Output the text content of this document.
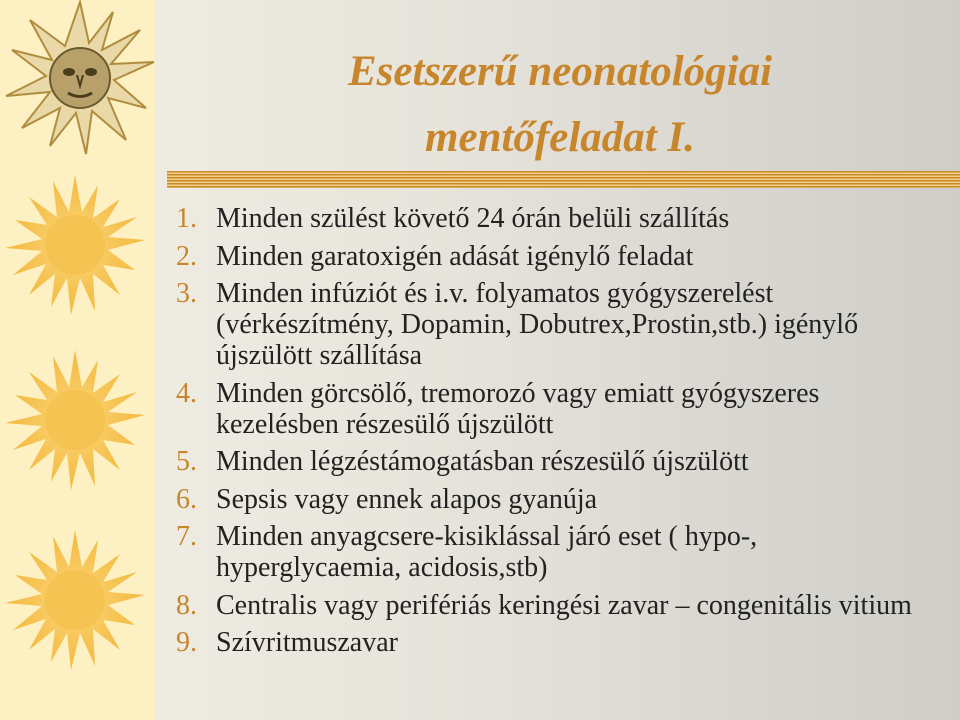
Esetszerű neonatológiai
mentőfeladat I.
1. Minden szülést követő 24 órán belüli szállítás
2. Minden garatoxigén adását igénylő feladat
3. Minden infúziót és i.v. folyamatos gyógyszerelést (vérkészítmény, Dopamin, Dobutrex,Prostin,stb.) igénylő újszülött szállítása
4. Minden görcsölő, tremorozó vagy emiatt gyógyszeres kezelésben részesülő újszülött
5. Minden légzéstámogatásban részesülő újszülött
6. Sepsis vagy ennek alapos gyanúja
7. Minden anyagcsere-kisiklással járó eset ( hypo-, hyperglycaemia, acidosis,stb)
8. Centralis vagy perifériás keringési zavar – congenitális vitium
9. Szívritmuszavar
